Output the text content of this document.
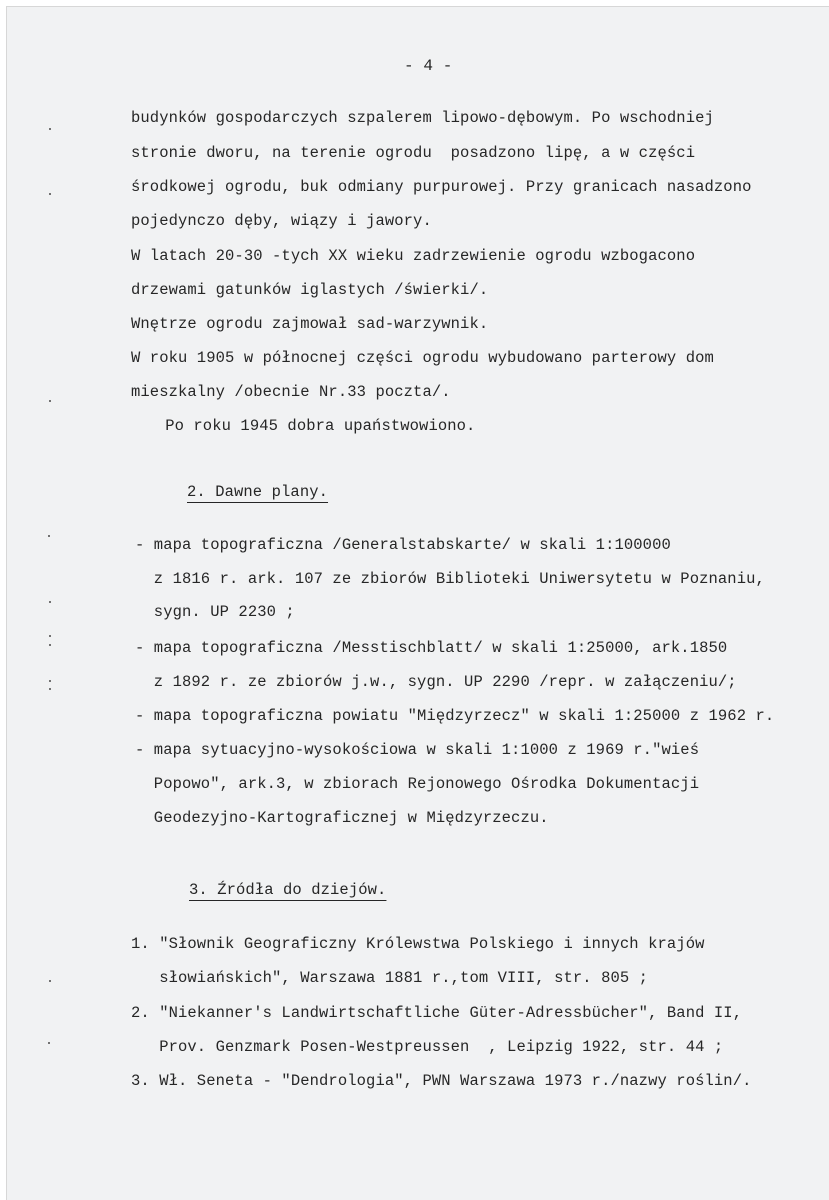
- 4 -
budynków gospodarczych szpalerem lipowo-dębowym. Po wschodniej
stronie dworu, na terenie ogrodu  posadzono lipę, a w części
środkowej ogrodu, buk odmiany purpurowej. Przy granicach nasadzono
pojedynczo dęby, wiązy i jawory.
W latach 20-30 -tych XX wieku zadrzewienie ogrodu wzbogacono
drzewami gatunków iglastych /świerki/.
Wnętrze ogrodu zajmował sad-warzywnik.
W roku 1905 w północnej części ogrodu wybudowano parterowy dom
mieszkalny /obecnie Nr.33 poczta/.
Po roku 1945 dobra upaństwowiono.
2. Dawne plany.
- mapa topograficzna /Generalstabskarte/ w skali 1:100000
z 1816 r. ark. 107 ze zbiorów Biblioteki Uniwersytetu w Poznaniu,
sygn. UP 2230 ;
- mapa topograficzna /Messtischblatt/ w skali 1:25000, ark.1850
z 1892 r. ze zbiorów j.w., sygn. UP 2290 /repr. w załączeniu/;
- mapa topograficzna powiatu "Międzyrzecz" w skali 1:25000 z 1962 r.
- mapa sytuacyjno-wysokościowa w skali 1:1000 z 1969 r."wieś
Popowo", ark.3, w zbiorach Rejonowego Ośrodka Dokumentacji
Geodezyjno-Kartograficznej w Międzyrzeczu.
3. Źródła do dziejów.
1. "Słownik Geograficzny Królewstwa Polskiego i innych krajów
słowiańskich", Warszawa 1881 r.,tom VIII, str. 805 ;
2. "Niekanner's Landwirtschaftliche Güter-Adressbücher", Band II,
Prov. Genzmark Posen-Westpreussen  , Leipzig 1922, str. 44 ;
3. Wł. Seneta - "Dendrologia", PWN Warszawa 1973 r./nazwy roślin/.
